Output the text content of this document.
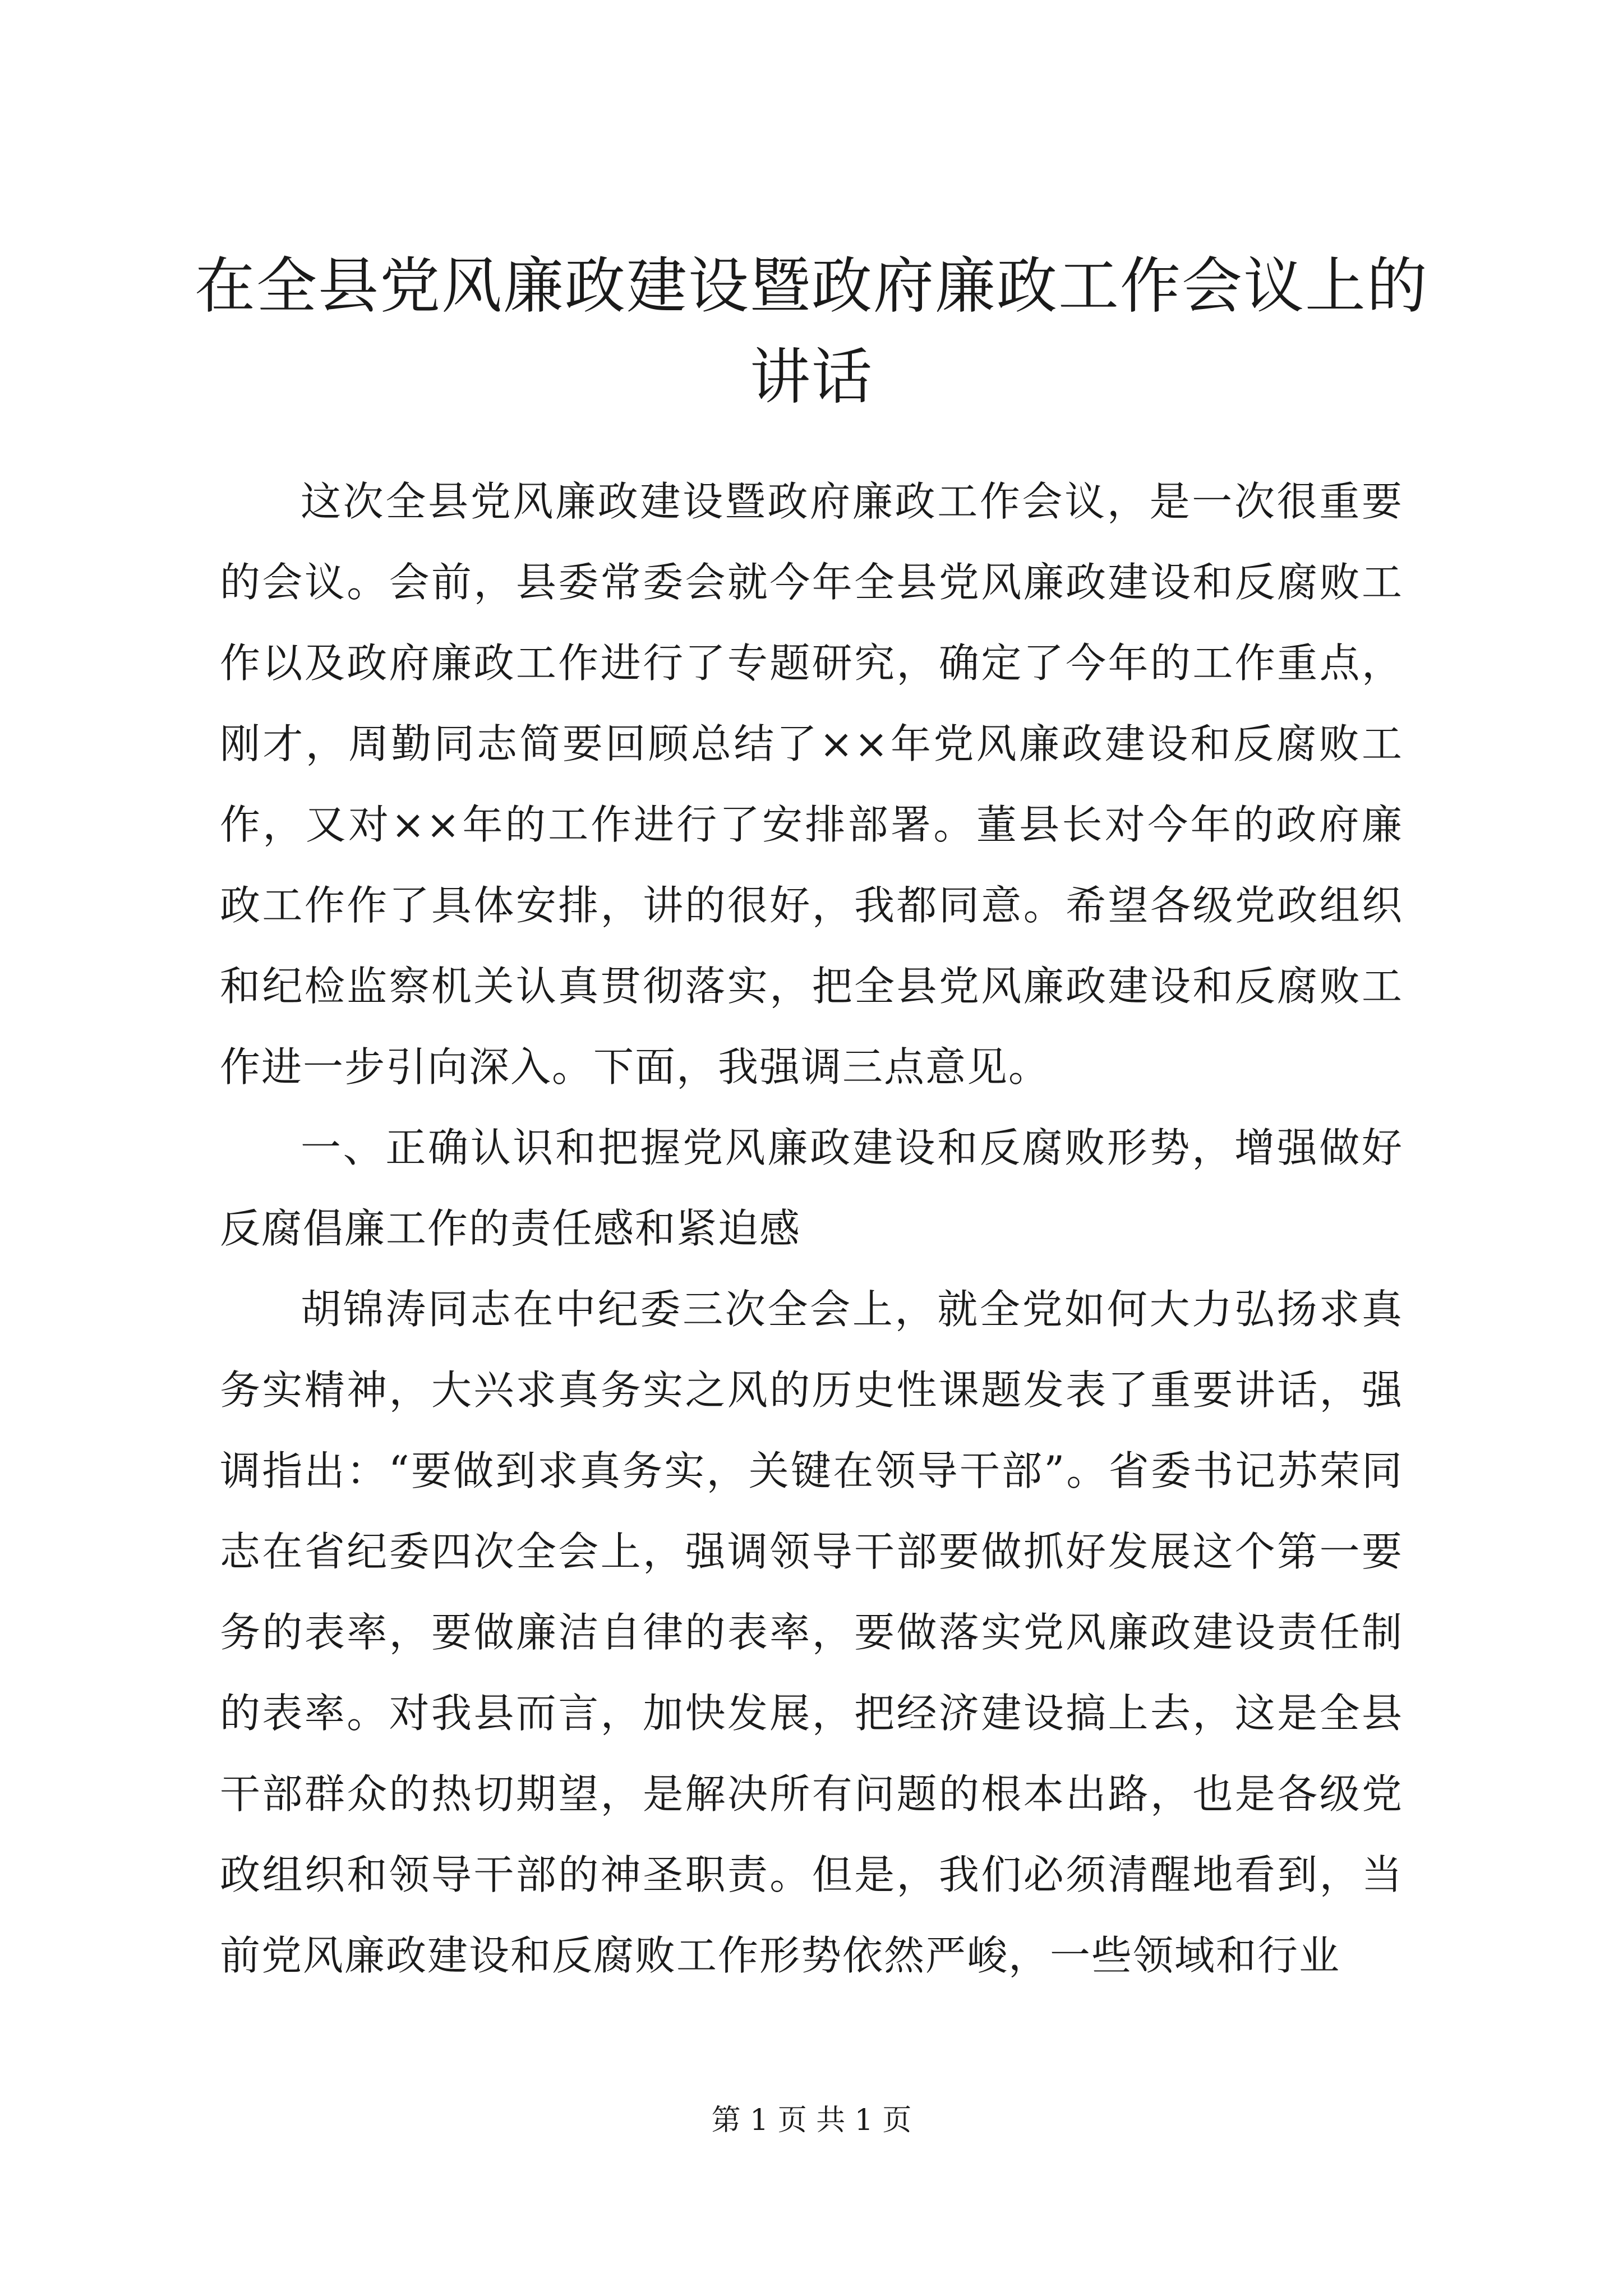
在全县党风廉政建设暨政府廉政工作会议上的讲话

这次全县党风廉政建设暨政府廉政工作会议，是一次很重要的会议。会前，县委常委会就今年全县党风廉政建设和反腐败工作以及政府廉政工作进行了专题研究，确定了今年的工作重点，刚才，周勤同志简要回顾总结了××年党风廉政建设和反腐败工作，又对××年的工作进行了安排部署。董县长对今年的政府廉政工作作了具体安排，讲的很好，我都同意。希望各级党政组织和纪检监察机关认真贯彻落实，把全县党风廉政建设和反腐败工作进一步引向深入。下面，我强调三点意见。

一、正确认识和把握党风廉政建设和反腐败形势，增强做好反腐倡廉工作的责任感和紧迫感

胡锦涛同志在中纪委三次全会上，就全党如何大力弘扬求真务实精神，大兴求真务实之风的历史性课题发表了重要讲话，强调指出：“要做到求真务实，关键在领导干部”。省委书记苏荣同志在省纪委四次全会上，强调领导干部要做抓好发展这个第一要务的表率，要做廉洁自律的表率，要做落实党风廉政建设责任制的表率。对我县而言，加快发展，把经济建设搞上去，这是全县干部群众的热切期望，是解决所有问题的根本出路，也是各级党政组织和领导干部的神圣职责。但是，我们必须清醒地看到，当前党风廉政建设和反腐败工作形势依然严峻，一些领域和行业

第 1 页 共 1 页
